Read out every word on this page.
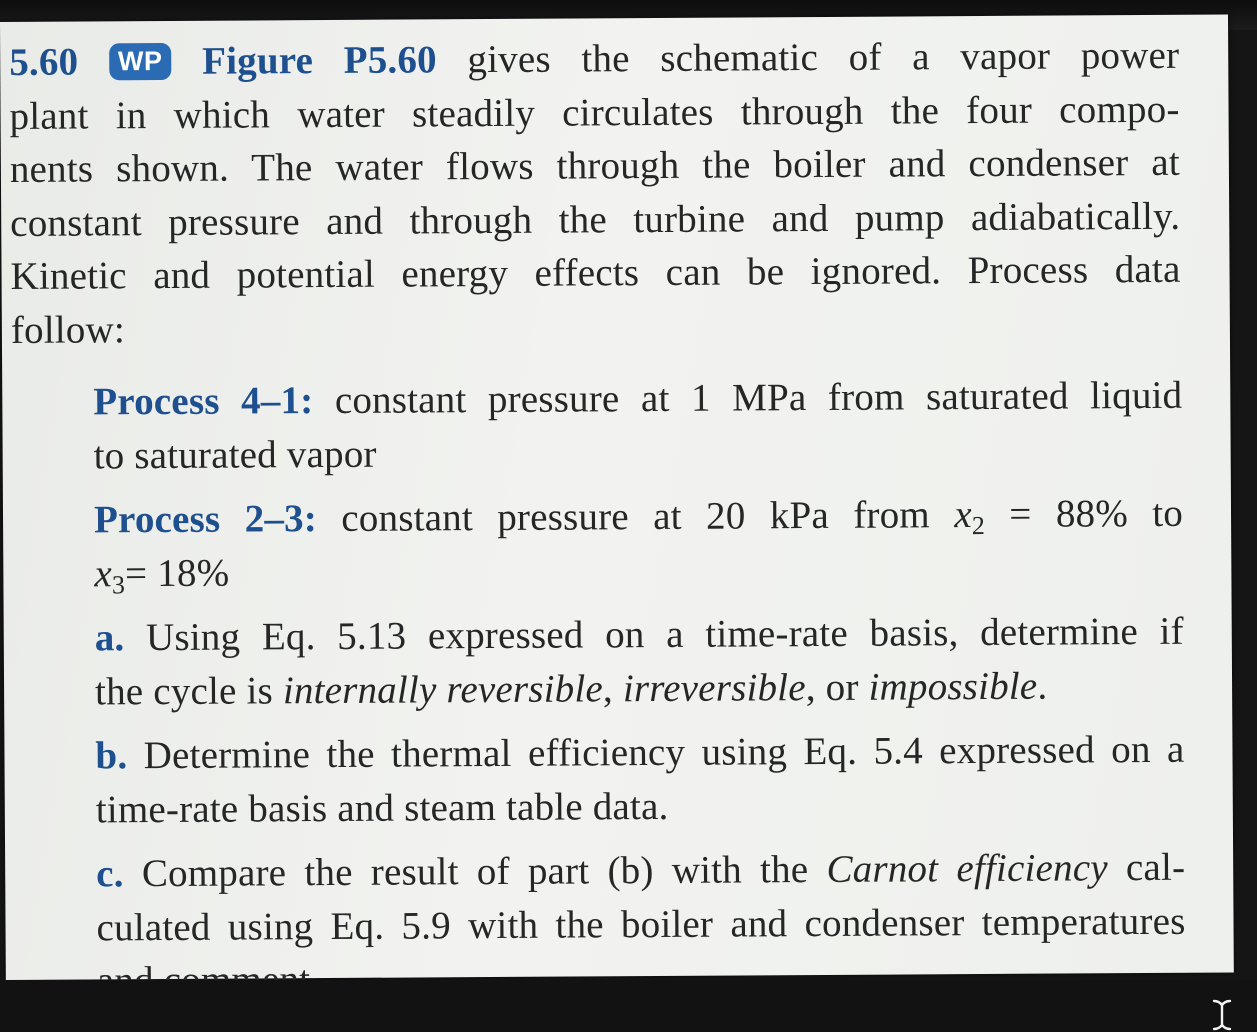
5.60 WP Figure P5.60 gives the schematic of a vapor power
plant in which water steadily circulates through the four compo-
nents shown. The water flows through the boiler and condenser at
constant pressure and through the turbine and pump adiabatically.
Kinetic and potential energy effects can be ignored. Process data
follow:
Process 4–1: constant pressure at 1 MPa from saturated liquid
to saturated vapor
Process 2–3: constant pressure at 20 kPa from $x_2 = 88\%$ to
$x_3= 18\%$
a. Using Eq. 5.13 expressed on a time-rate basis, determine if
the cycle is internally reversible, irreversible, or impossible.
b. Determine the thermal efficiency using Eq. 5.4 expressed on a
time-rate basis and steam table data.
c. Compare the result of part (b) with the Carnot efficiency cal-
culated using Eq. 5.9 with the boiler and condenser temperatures
